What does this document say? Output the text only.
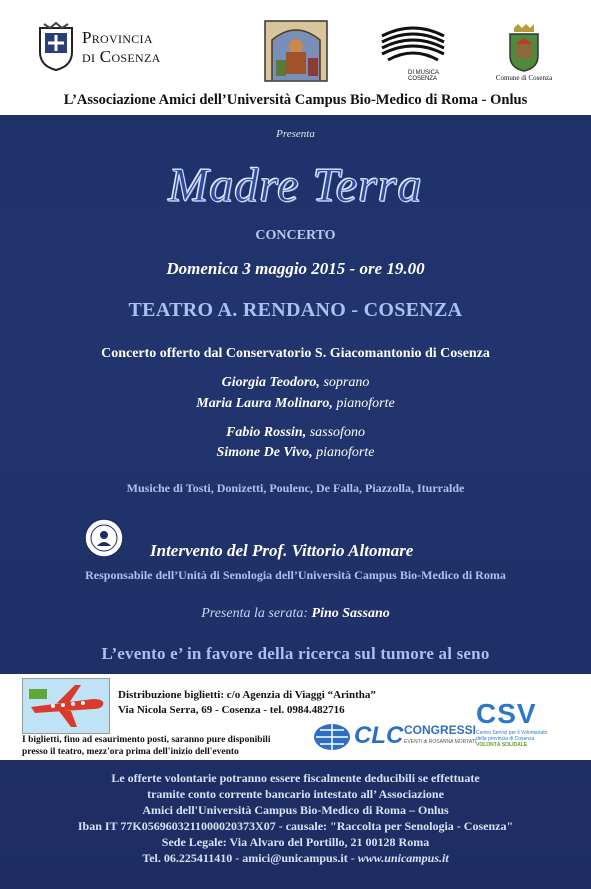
Provincia
di Cosenza
DI MUSICA
COSENZA	Comune di Cosenza
L’Associazione Amici dell’Università Campus Bio-Medico di Roma - Onlus
Presenta
Madre Terra
CONCERTO
Domenica 3 maggio 2015 - ore 19.00
TEATRO A. RENDANO - COSENZA
Concerto offerto dal Conservatorio S. Giacomantonio di Cosenza
Giorgia Teodoro, soprano
Maria Laura Molinaro, pianoforte
Fabio Rossin, sassofono
Simone De Vivo, pianoforte
Musiche di Tosti, Donizetti, Poulenc, De Falla, Piazzolla, Iturralde
Intervento del Prof. Vittorio Altomare
Responsabile dell’Unità di Senologia dell’Università Campus Bio-Medico di Roma
Presenta la serata: Pino Sassano
L’evento e’ in favore della ricerca sul tumore al seno
Distribuzione biglietti: c/o Agenzia di Viaggi “Arintha”
Via Nicola Serra, 69 - Cosenza - tel. 0984.482716
I biglietti, fino ad esaurimento posti, saranno pure disponibili
presso il teatro, mezz'ora prima dell'inizio dell'evento
CLC CONGRESSI
EVENTI di ROSANNA MORTATI
CSV
Centro Servizi per il Volontariato
della provincia di Cosenza
VOLONTÀ SOLIDALE
Le offerte volontarie potranno essere fiscalmente deducibili se effettuate
tramite conto corrente bancario intestato all’ Associazione
Amici dell'Università Campus Bio-Medico di Roma – Onlus
Iban IT 77K0569603211000020373X07 - causale: "Raccolta per Senologia - Cosenza"
Sede Legale: Via Alvaro del Portillo, 21 00128 Roma
Tel. 06.225411410 - amici@unicampus.it - www.unicampus.it
